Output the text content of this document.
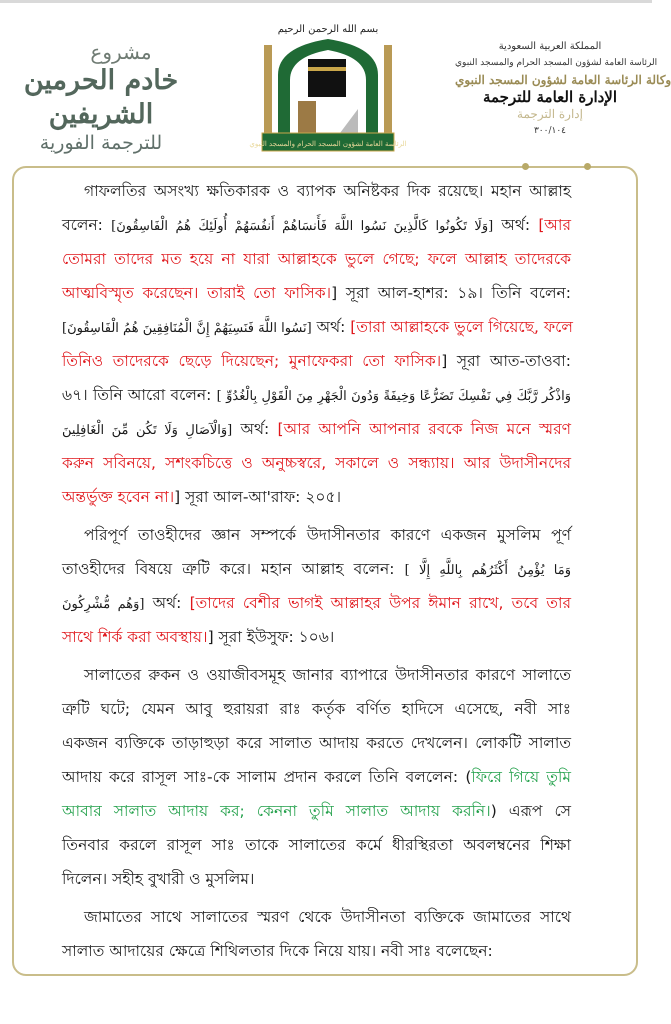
مشروع
خادم الحرمين الشريفين
للترجمة الفورية
بسم الله الرحمن الرحيم
الرئاسة العامة لشؤون المسجد الحرام والمسجد النبوي
المملكة العربية السعودية
الرئاسة العامة لشؤون المسجد الحرام والمسجد النبوي
وكالة الرئاسة العامة لشؤون المسجد النبوي
الإدارة العامة للترجمة
إدارة الترجمة
٣٠٠/١٠٤
গাফলতির অসংখ্য ক্ষতিকারক ও ব্যাপক অনিষ্টকর দিক রয়েছে। মহান আল্লাহ
বলেন: [وَلَا تَكُونُوا كَالَّذِينَ نَسُوا اللَّهَ فَأَنسَاهُمْ أَنفُسَهُمْ أُولَئِكَ هُمُ الْفَاسِقُونَ] অর্থ: [আর
তোমরা তাদের মত হয়ে না যারা আল্লাহকে ভুলে গেছে; ফলে আল্লাহ তাদেরকে
আত্মবিস্মৃত করেছেন। তারাই তো ফাসিক।] সূরা আল-হাশর: ১৯। তিনি বলেন:
[نَسُوا اللَّهَ فَنَسِيَهُمْ إِنَّ الْمُنَافِقِينَ هُمُ الْفَاسِقُونَ] অর্থ: [তারা আল্লাহকে ভুলে গিয়েছে, ফলে
তিনিও তাদেরকে ছেড়ে দিয়েছেন; মুনাফেকরা তো ফাসিক।] সূরা আত-তাওবা:
৬৭। তিনি আরো বলেন: [ وَاذْكُر رَّبَّكَ فِي نَفْسِكَ تَضَرُّعًا وَخِيفَةً وَدُونَ الْجَهْرِ مِنَ الْقَوْلِ بِالْغُدُوِّ
وَالْآصَالِ وَلَا تَكُن مِّنَ الْغَافِلِينَ] অর্থ: [আর আপনি আপনার রবকে নিজ মনে স্মরণ
করুন সবিনয়ে, সশংকচিত্তে ও অনুচ্চস্বরে, সকালে ও সন্ধ্যায়। আর উদাসীনদের
অন্তর্ভুক্ত হবেন না।] সূরা আল-আ'রাফ: ২০৫।
পরিপূর্ণ তাওহীদের জ্ঞান সম্পর্কে উদাসীনতার কারণে একজন মুসলিম পূর্ণ
তাওহীদের বিষয়ে ত্রুটি করে। মহান আল্লাহ বলেন: [ وَمَا يُؤْمِنُ أَكْثَرُهُم بِاللَّهِ إِلَّا
وَهُم مُّشْرِكُونَ] অর্থ: [তাদের বেশীর ভাগই আল্লাহর উপর ঈমান রাখে, তবে তার
সাথে শির্ক করা অবস্থায়।] সূরা ইউসুফ: ১০৬।
সালাতের রুকন ও ওয়াজীবসমূহ জানার ব্যাপারে উদাসীনতার কারণে সালাতে
ত্রুটি ঘটে; যেমন আবু হুরায়রা রাঃ কর্তৃক বর্ণিত হাদিসে এসেছে, নবী সাঃ
একজন ব্যক্তিকে তাড়াহুড়া করে সালাত আদায় করতে দেখলেন। লোকটি সালাত
আদায় করে রাসূল সাঃ-কে সালাম প্রদান করলে তিনি বললেন: (ফিরে গিয়ে তুমি
আবার সালাত আদায় কর; কেননা তুমি সালাত আদায় করনি।) এরূপ সে
তিনবার করলে রাসূল সাঃ তাকে সালাতের কর্মে ধীরস্থিরতা অবলম্বনের শিক্ষা
দিলেন। সহীহ বুখারী ও মুসলিম।
জামাতের সাথে সালাতের স্মরণ থেকে উদাসীনতা ব্যক্তিকে জামাতের সাথে
সালাত আদায়ের ক্ষেত্রে শিথিলতার দিকে নিয়ে যায়। নবী সাঃ বলেছেন:
